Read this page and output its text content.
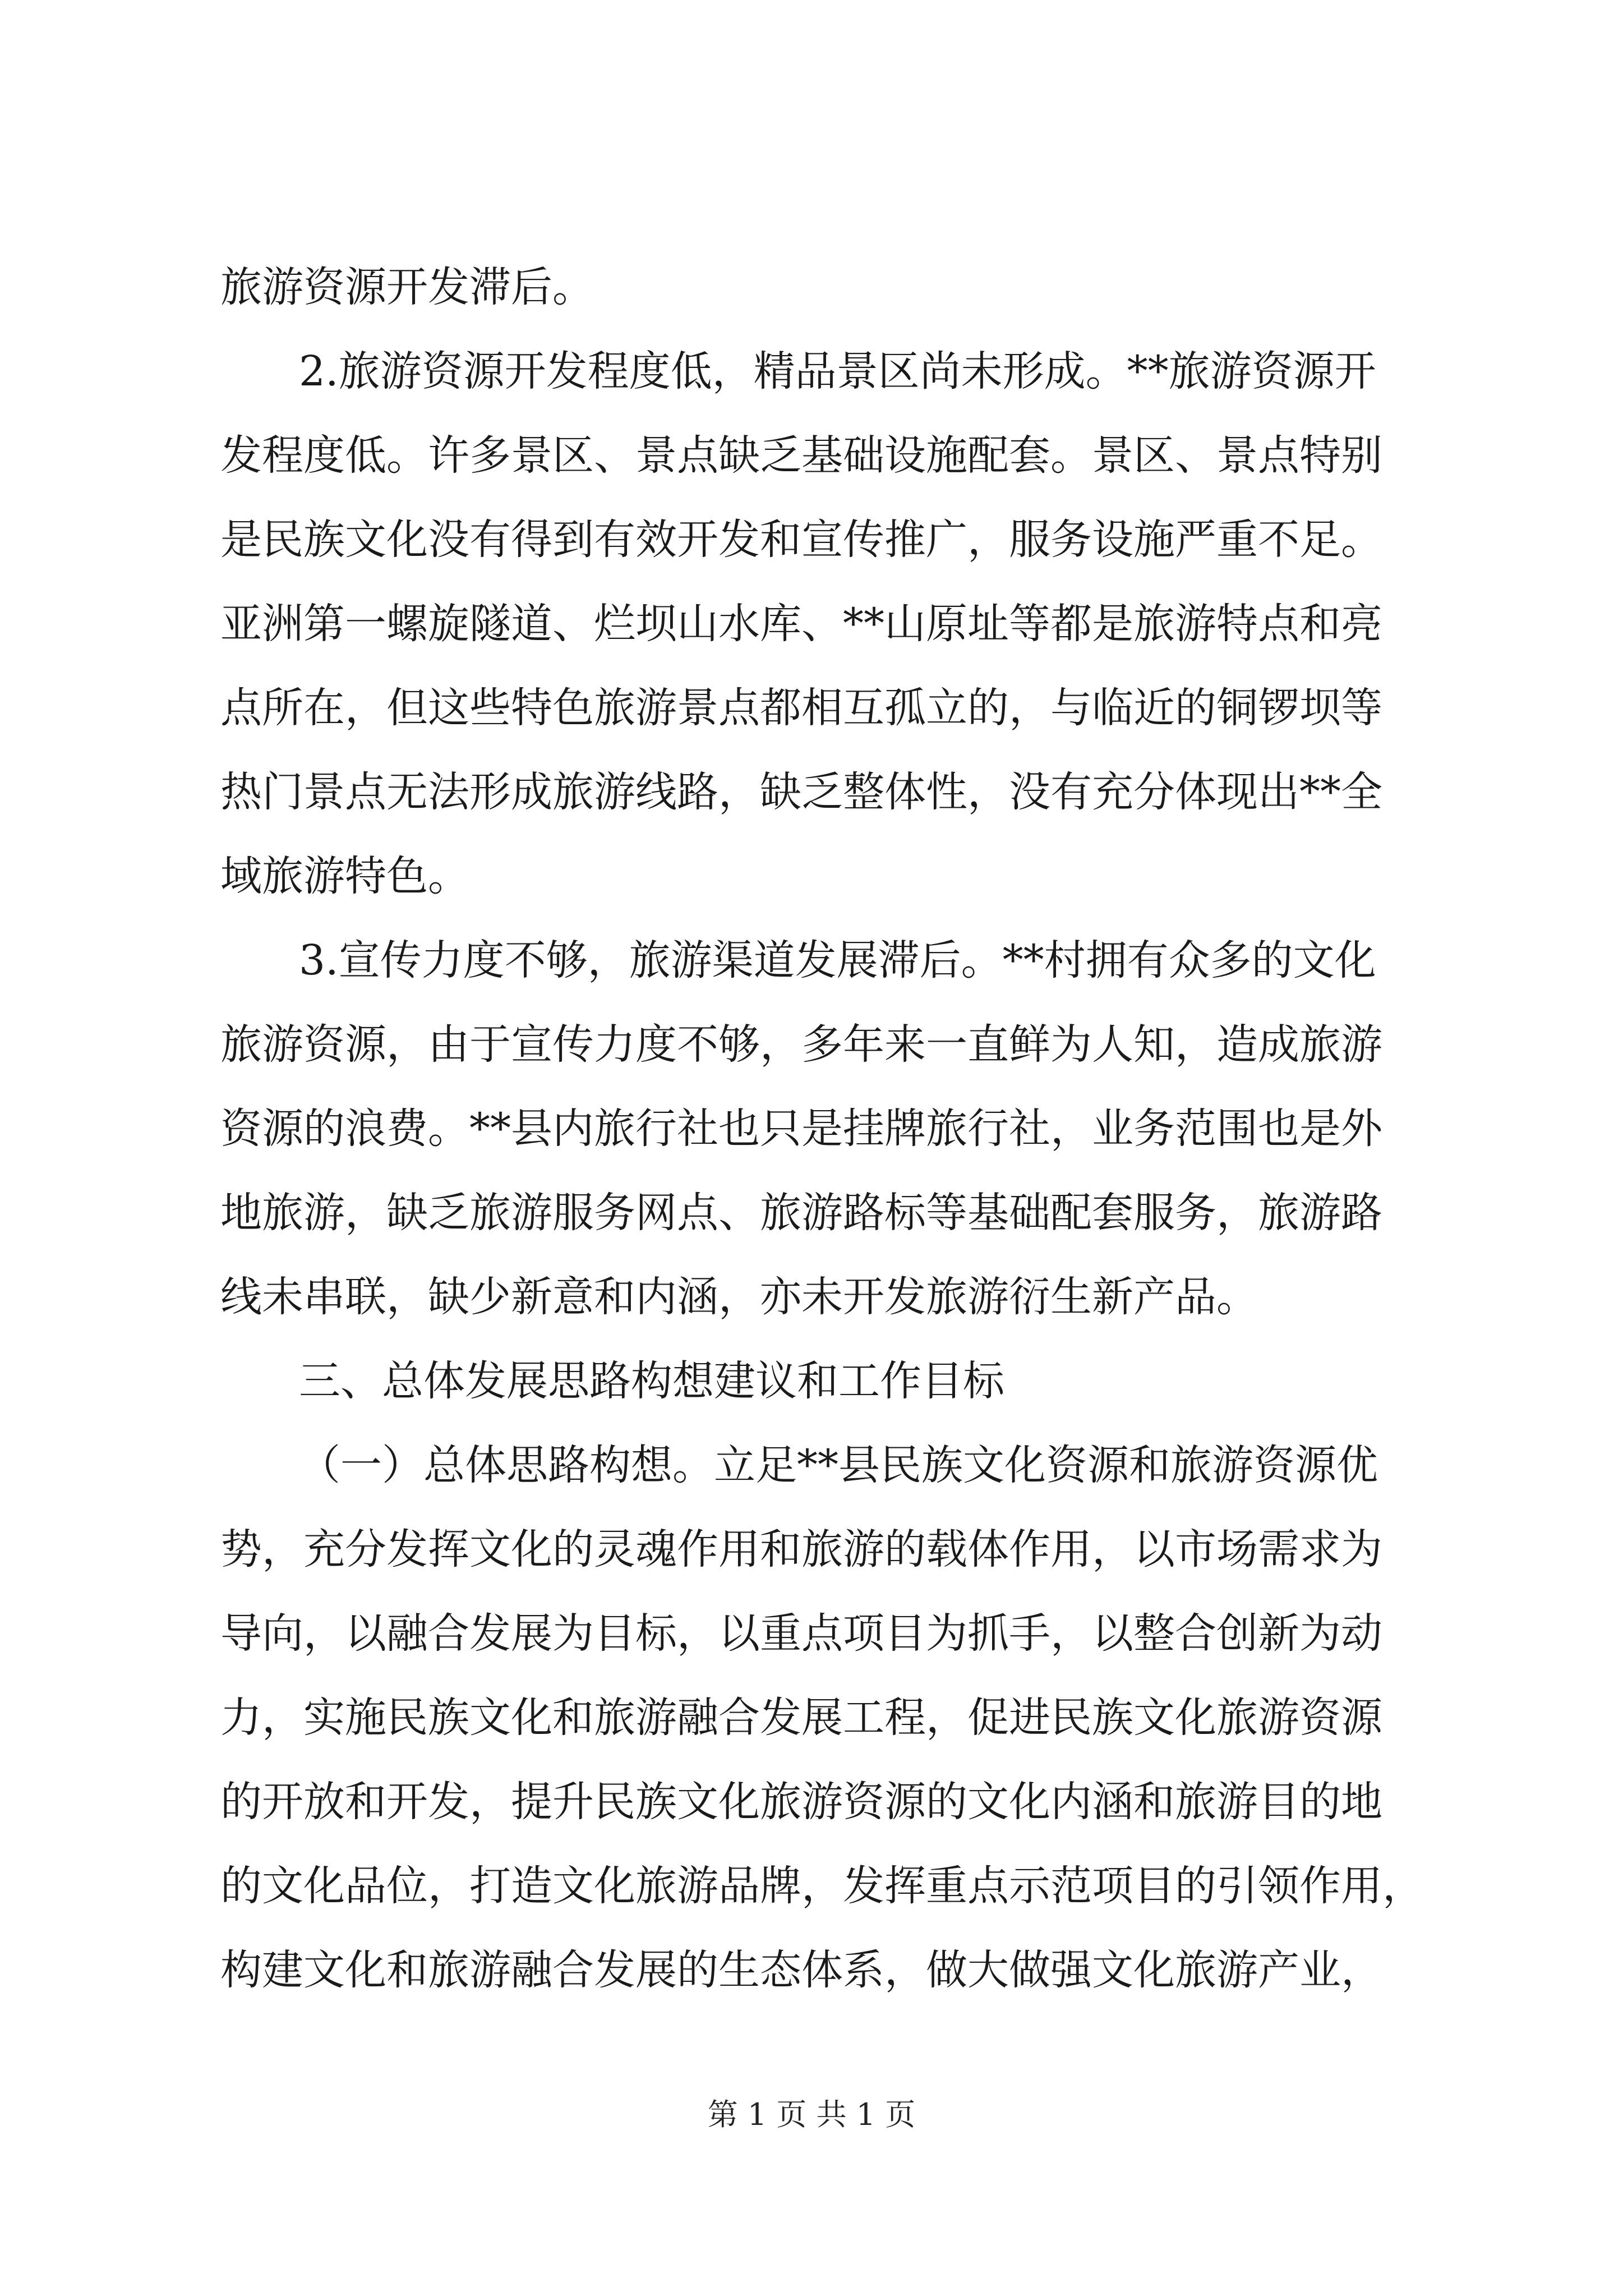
旅游资源开发滞后。
2.旅游资源开发程度低，精品景区尚未形成。**旅游资源开
发程度低。许多景区、景点缺乏基础设施配套。景区、景点特别
是民族文化没有得到有效开发和宣传推广，服务设施严重不足。
亚洲第一螺旋隧道、烂坝山水库、**山原址等都是旅游特点和亮
点所在，但这些特色旅游景点都相互孤立的，与临近的铜锣坝等
热门景点无法形成旅游线路，缺乏整体性，没有充分体现出**全
域旅游特色。
3.宣传力度不够，旅游渠道发展滞后。**村拥有众多的文化
旅游资源，由于宣传力度不够，多年来一直鲜为人知，造成旅游
资源的浪费。**县内旅行社也只是挂牌旅行社，业务范围也是外
地旅游，缺乏旅游服务网点、旅游路标等基础配套服务，旅游路
线未串联，缺少新意和内涵，亦未开发旅游衍生新产品。
三、总体发展思路构想建议和工作目标
（一）总体思路构想。立足**县民族文化资源和旅游资源优
势，充分发挥文化的灵魂作用和旅游的载体作用，以市场需求为
导向，以融合发展为目标，以重点项目为抓手，以整合创新为动
力，实施民族文化和旅游融合发展工程，促进民族文化旅游资源
的开放和开发，提升民族文化旅游资源的文化内涵和旅游目的地
的文化品位，打造文化旅游品牌，发挥重点示范项目的引领作用，
构建文化和旅游融合发展的生态体系，做大做强文化旅游产业，
第 1 页 共 1 页
